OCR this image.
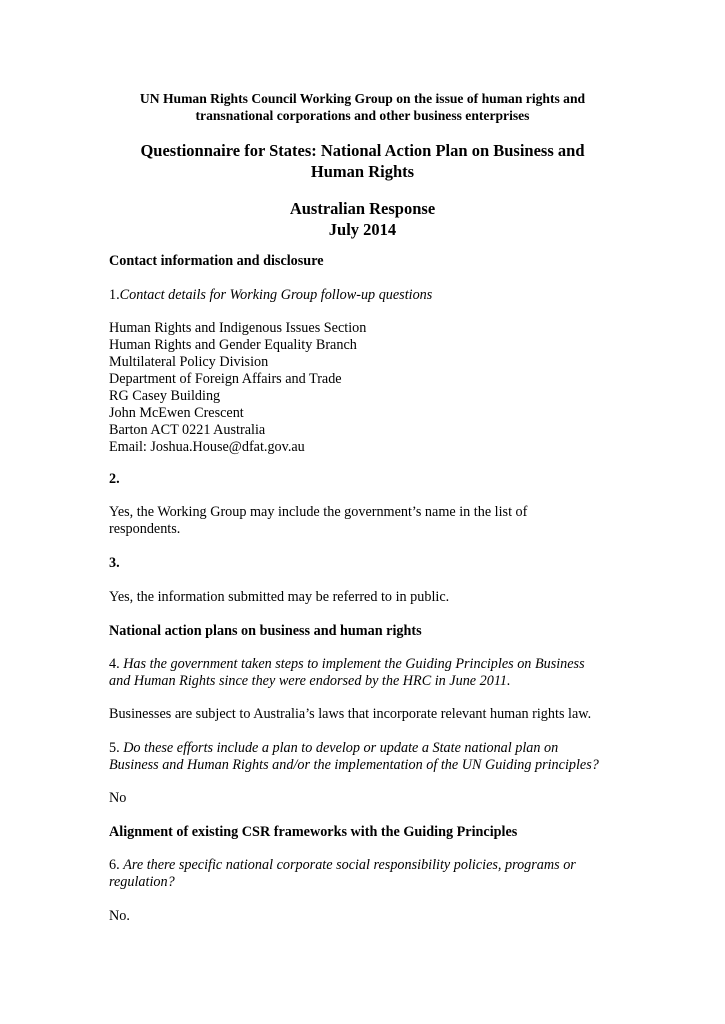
UN Human Rights Council Working Group on the issue of human rights and
transnational corporations and other business enterprises
Questionnaire for States: National Action Plan on Business and
Human Rights
Australian Response
July 2014
Contact information and disclosure
1.Contact details for Working Group follow-up questions
Human Rights and Indigenous Issues Section
Human Rights and Gender Equality Branch
Multilateral Policy Division
Department of Foreign Affairs and Trade
RG Casey Building
John McEwen Crescent
Barton ACT 0221 Australia
Email: Joshua.House@dfat.gov.au
2.
Yes, the Working Group may include the government’s name in the list of
respondents.
3.
Yes, the information submitted may be referred to in public.
National action plans on business and human rights
4. Has the government taken steps to implement the Guiding Principles on Business
and Human Rights since they were endorsed by the HRC in June 2011.
Businesses are subject to Australia’s laws that incorporate relevant human rights law.
5. Do these efforts include a plan to develop or update a State national plan on
Business and Human Rights and/or the implementation of the UN Guiding principles?
No
Alignment of existing CSR frameworks with the Guiding Principles
6. Are there specific national corporate social responsibility policies, programs or
regulation?
No.
